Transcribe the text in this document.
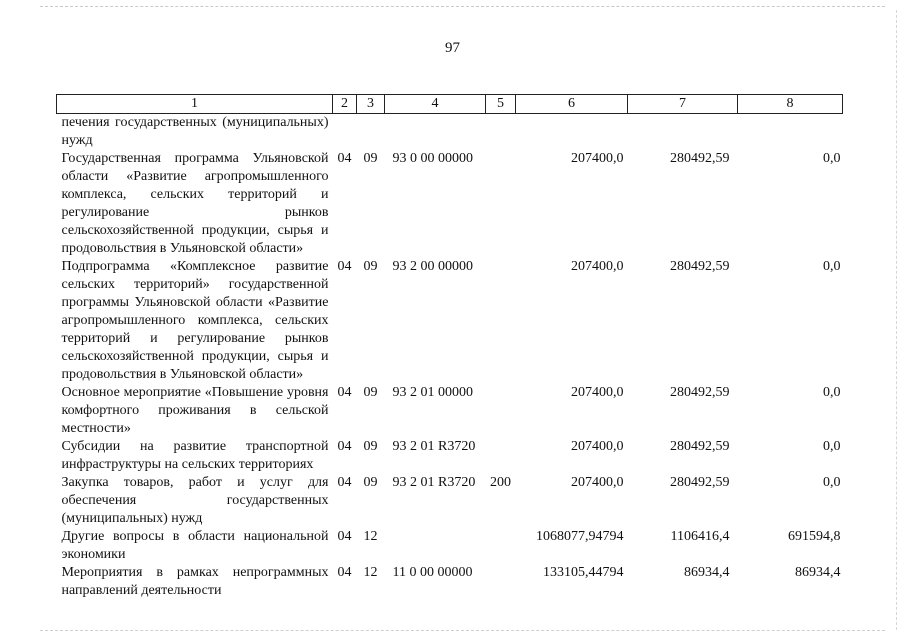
97
1	2	3	4	5	6	7	8
печения государственных (муниципальных) нужд							
Государственная программа Ульяновской области «Развитие агропромышленного комплекса, сельских территорий и регулирование рынков сельскохозяйственной продукции, сырья и продовольствия в Ульяновской области»	04	09	93 0 00 00000		207400,0	280492,59	0,0
Подпрограмма «Комплексное развитие сельских территорий» государственной программы Ульяновской области «Развитие агропромышленного комплекса, сельских территорий и регулирование рынков сельскохозяйственной продукции, сырья и продовольствия в Ульяновской области»	04	09	93 2 00 00000		207400,0	280492,59	0,0
Основное мероприятие «Повышение уровня комфортного проживания в сельской местности»	04	09	93 2 01 00000		207400,0	280492,59	0,0
Субсидии на развитие транспортной инфраструктуры на сельских территориях	04	09	93 2 01 R3720		207400,0	280492,59	0,0
Закупка товаров, работ и услуг для обеспечения государственных (муниципальных) нужд	04	09	93 2 01 R3720	200	207400,0	280492,59	0,0
Другие вопросы в области национальной экономики	04	12			1068077,94794	1106416,4	691594,8
Мероприятия в рамках непрограммных направлений деятельности	04	12	11 0 00 00000		133105,44794	86934,4	86934,4
